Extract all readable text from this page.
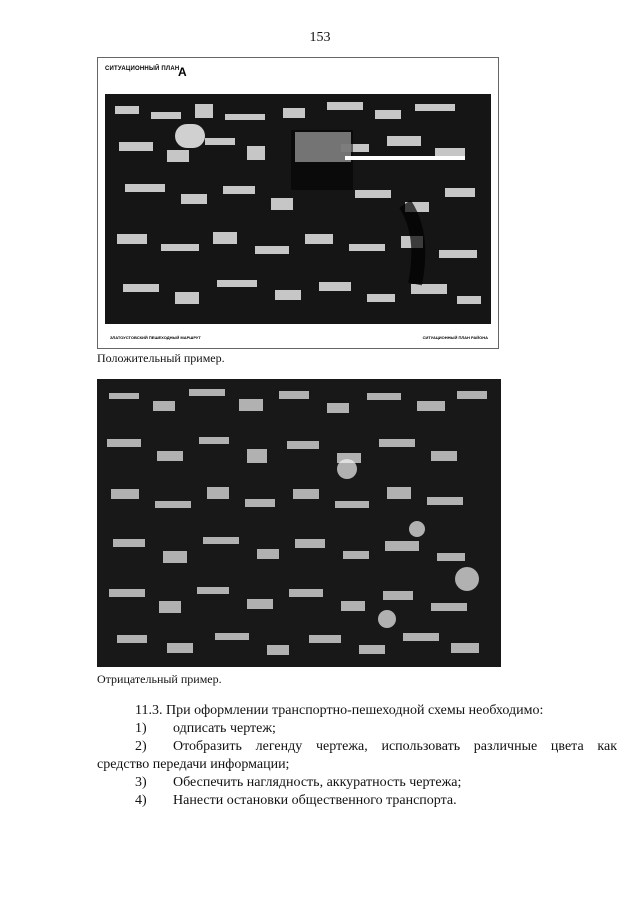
153
СИТУАЦИОННЫЙ ПЛАН
A
ЗЛАТОУСТОВСКИЙ ПЕШЕХОДНЫЙ МАРШРУТ	СИТУАЦИОННЫЙ ПЛАН РАЙОНА
Положительный пример.
Отрицательный пример.

11.3. При оформлении транспортно-пешеходной схемы необходимо:

1)	одписать чертеж;
2)	Отобразить легенду чертежа, использовать различные цвета как

средство передачи информации;

3)	Обеспечить наглядность, аккуратность чертежа;
4)	Нанести остановки общественного транспорта.
